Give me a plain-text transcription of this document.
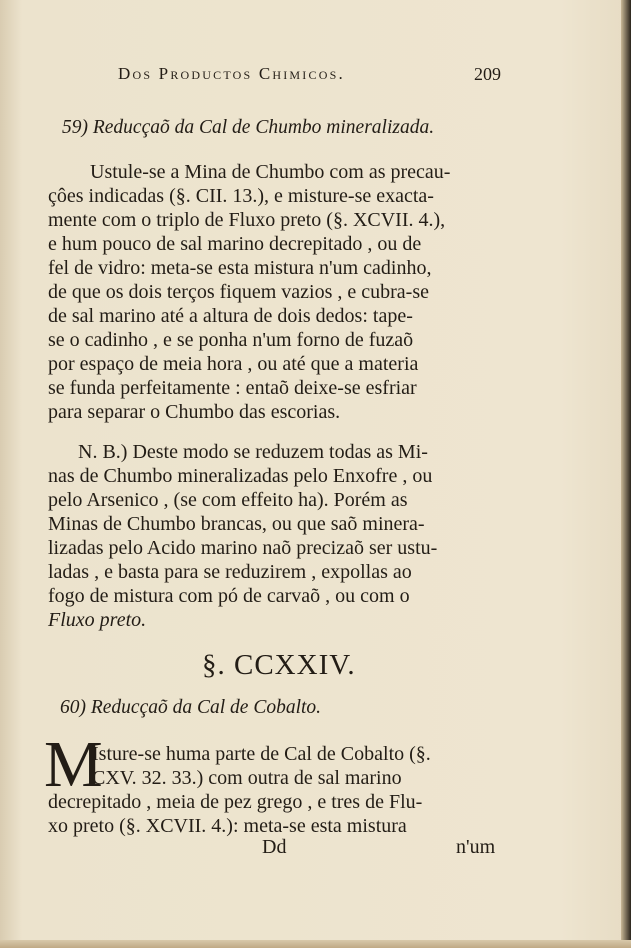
Dos Productos Chimicos.	209
59) Reducçaõ da Cal de Chumbo mineralizada.
Ustule-se a Mina de Chumbo com as precau-
çôes indicadas (§. CII. 13.), e misture-se exacta-
mente com o triplo de Fluxo preto (§. XCVII. 4.),
e hum pouco de sal marino decrepitado , ou de
fel de vidro: meta-se esta mistura n'um cadinho,
de que os dois terços fiquem vazios , e cubra-se
de sal marino até a altura de dois dedos: tape-
se o cadinho , e se ponha n'um forno de fuzaõ
por espaço de meia hora , ou até que a materia
se funda perfeitamente : entaõ deixe-se esfriar
para separar o Chumbo das escorias.
N. B.) Deste modo se reduzem todas as Mi-
nas de Chumbo mineralizadas pelo Enxofre , ou
pelo Arsenico , (se com effeito ha). Porém as
Minas de Chumbo brancas, ou que saõ minera-
lizadas pelo Acido marino naõ precizaõ ser ustu-
ladas , e basta para se reduzirem , expollas ao
fogo de mistura com pó de carvaõ , ou com o
Fluxo preto.
§. CCXXIV.
60) Reducçaõ da Cal de Cobalto.
M
Isture-se huma parte de Cal de Cobalto (§.
CXV. 32. 33.) com outra de sal marino
decrepitado , meia de pez grego , e tres de Flu-
xo preto (§. XCVII. 4.): meta-se esta mistura
Dd	n'um
